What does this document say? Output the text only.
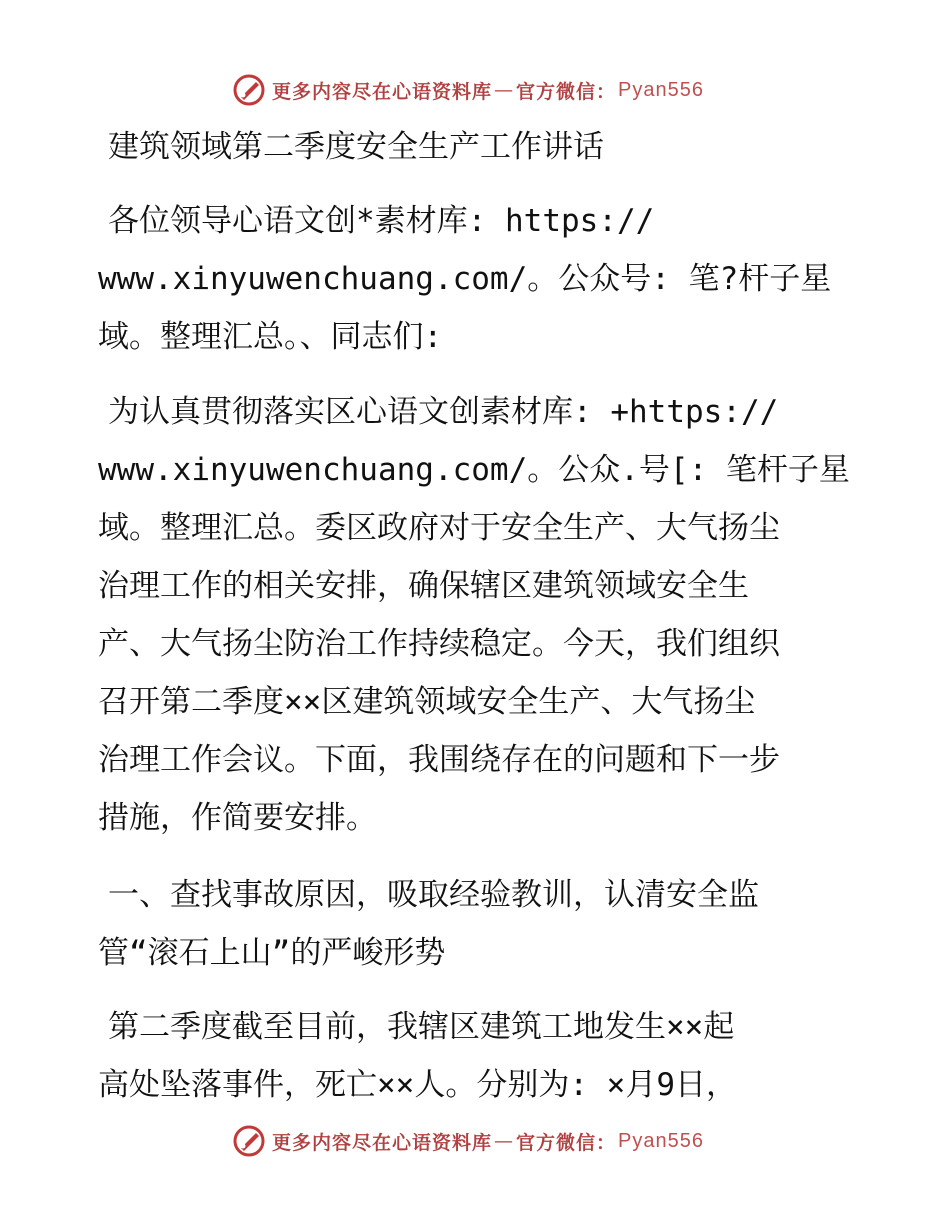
更多内容尽在心语资料库 — 官方微信： Pyan556

建筑领域第二季度安全生产工作讲话

各位领导心语文创*素材库: https://
www.xinyuwenchuang.com/。公众号: 笔?杆子星
域。整理汇总。、同志们:

为认真贯彻落实区心语文创素材库: +https://
www.xinyuwenchuang.com/。公众.号[: 笔杆子星
域。整理汇总。委区政府对于安全生产、大气扬尘
治理工作的相关安排，确保辖区建筑领域安全生
产、大气扬尘防治工作持续稳定。今天，我们组织
召开第二季度××区建筑领域安全生产、大气扬尘
治理工作会议。下面，我围绕存在的问题和下一步
措施，作简要安排。

一、查找事故原因，吸取经验教训，认清安全监
管“滚石上山”的严峻形势

第二季度截至目前，我辖区建筑工地发生××起
高处坠落事件，死亡××人。分别为: ×月9日，

更多内容尽在心语资料库 — 官方微信： Pyan556
